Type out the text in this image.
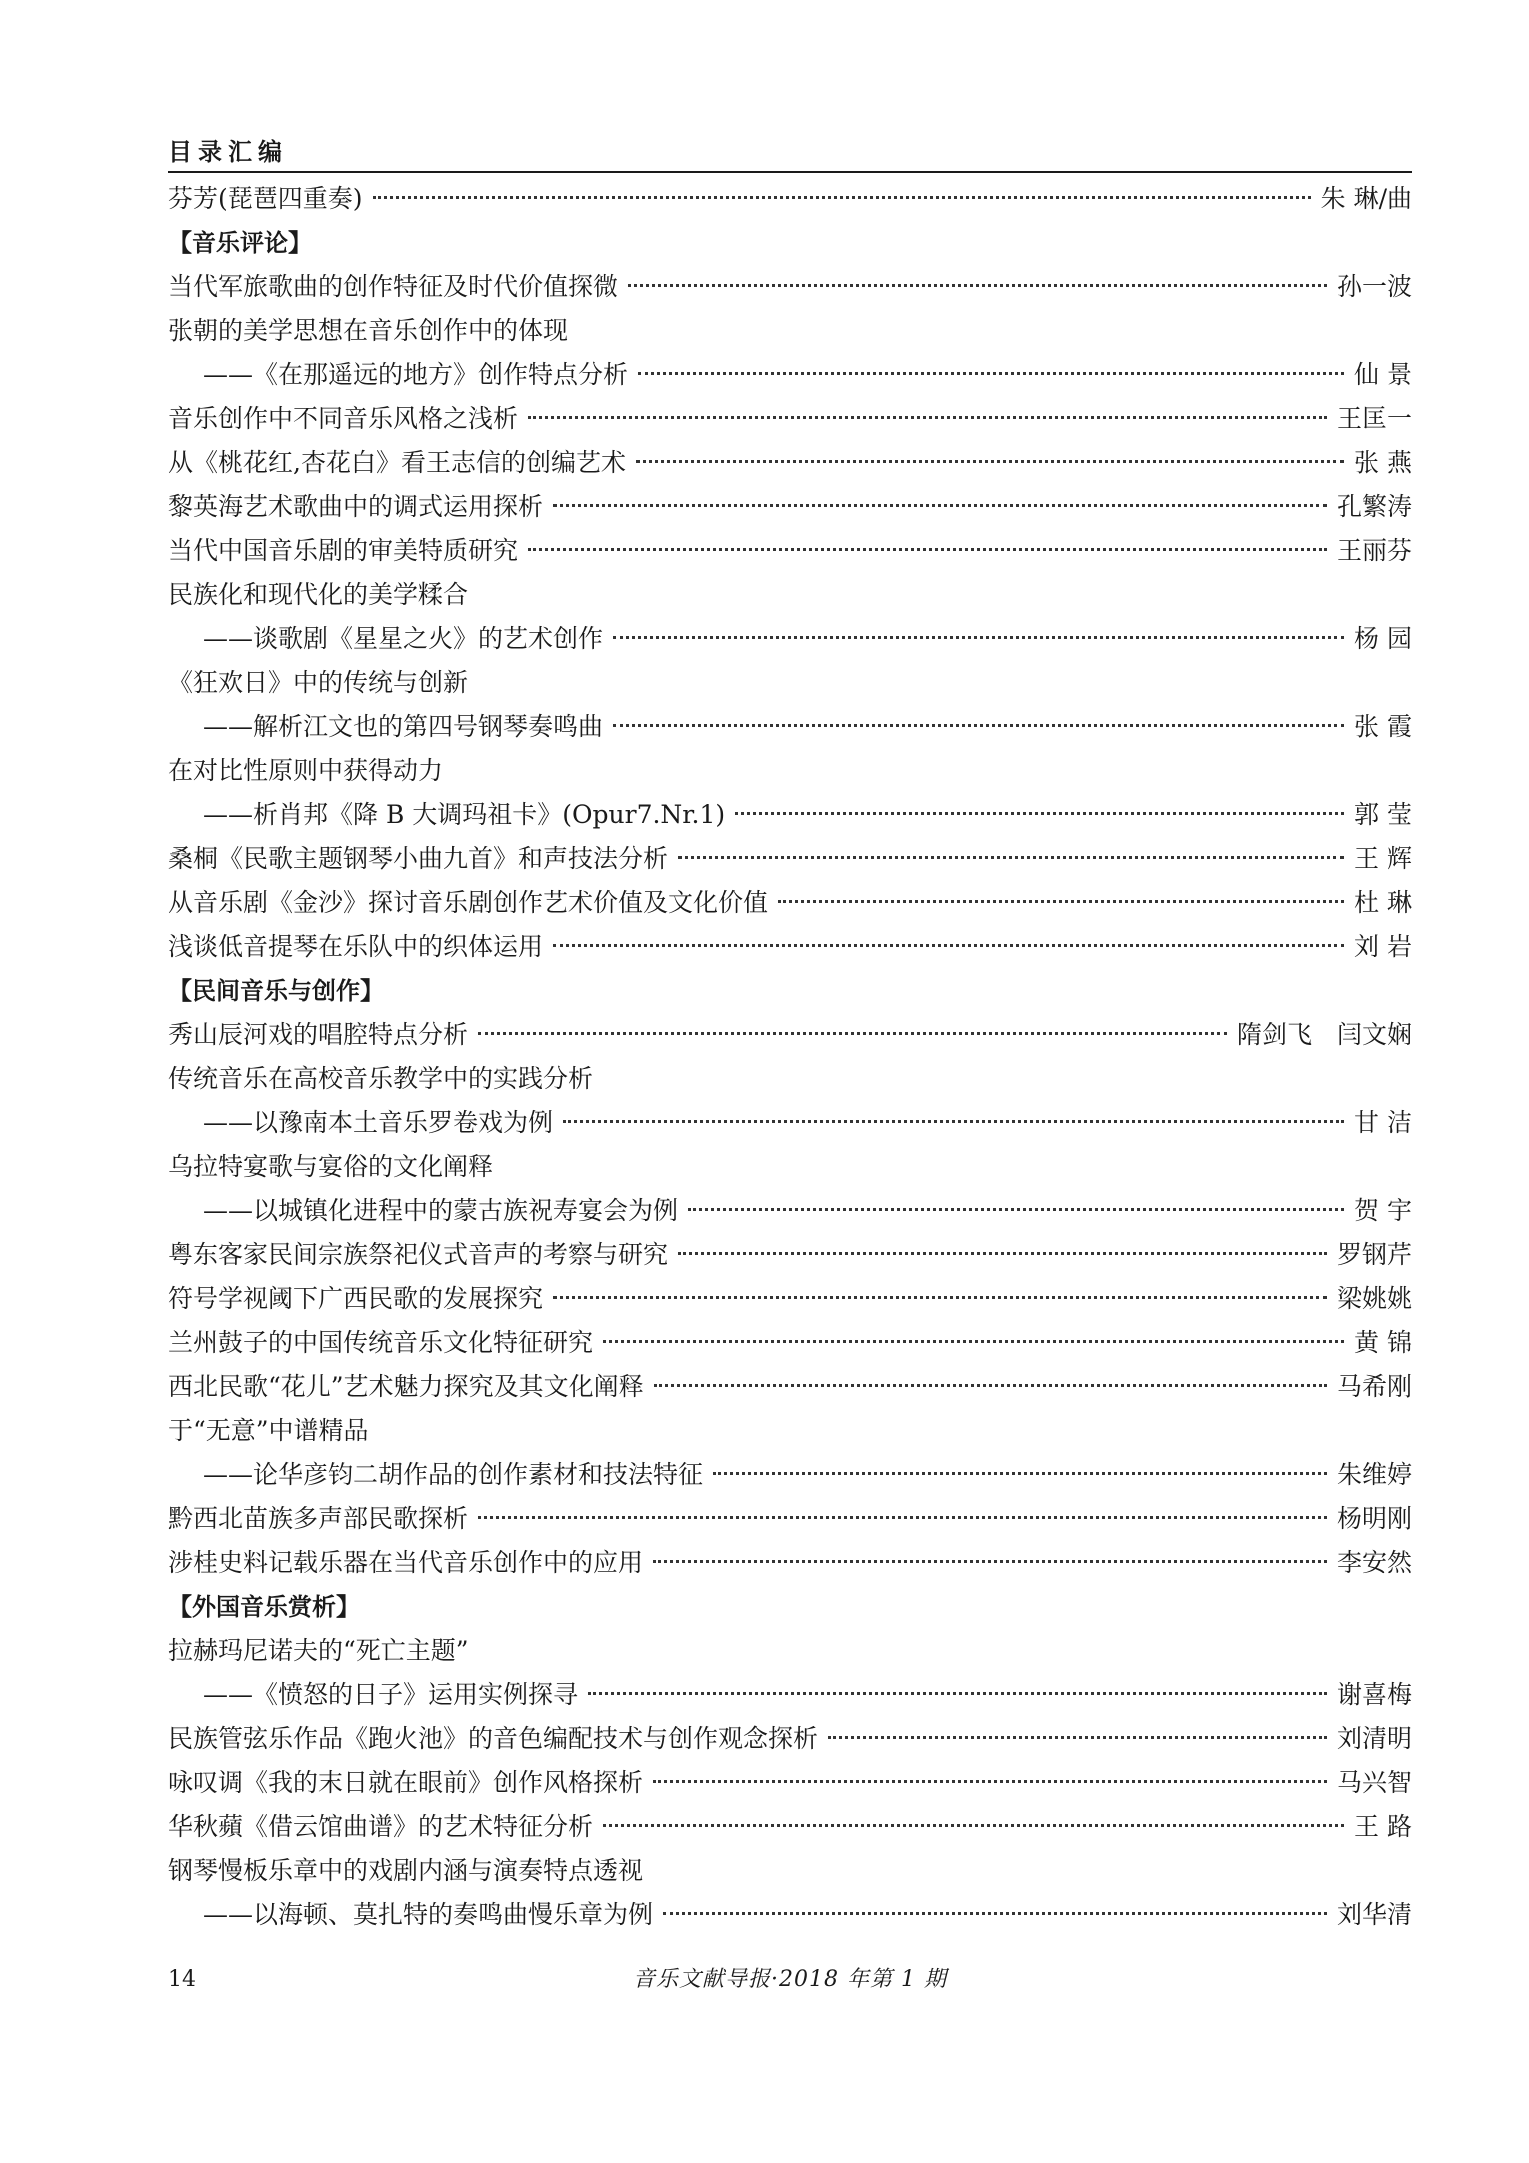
目录汇编
芬芳(琵琶四重奏)	朱 琳/曲
【音乐评论】
当代军旅歌曲的创作特征及时代价值探微	孙一波
张朝的美学思想在音乐创作中的体现
——《在那遥远的地方》创作特点分析	仙 景
音乐创作中不同音乐风格之浅析	王匡一
从《桃花红,杏花白》看王志信的创编艺术	张 燕
黎英海艺术歌曲中的调式运用探析	孔繁涛
当代中国音乐剧的审美特质研究	王丽芬
民族化和现代化的美学糅合
——谈歌剧《星星之火》的艺术创作	杨 园
《狂欢日》中的传统与创新
——解析江文也的第四号钢琴奏鸣曲	张 霞
在对比性原则中获得动力
——析肖邦《降 B 大调玛祖卡》(Opur7.Nr.1)	郭 莹
桑桐《民歌主题钢琴小曲九首》和声技法分析	王 辉
从音乐剧《金沙》探讨音乐剧创作艺术价值及文化价值	杜 琳
浅谈低音提琴在乐队中的织体运用	刘 岩
【民间音乐与创作】
秀山辰河戏的唱腔特点分析	隋剑飞　闫文娴
传统音乐在高校音乐教学中的实践分析
——以豫南本土音乐罗卷戏为例	甘 洁
乌拉特宴歌与宴俗的文化阐释
——以城镇化进程中的蒙古族祝寿宴会为例	贺 宇
粤东客家民间宗族祭祀仪式音声的考察与研究	罗钢芹
符号学视阈下广西民歌的发展探究	梁姚姚
兰州鼓子的中国传统音乐文化特征研究	黄 锦
西北民歌“花儿”艺术魅力探究及其文化阐释	马希刚
于“无意”中谱精品
——论华彦钧二胡作品的创作素材和技法特征	朱维婷
黔西北苗族多声部民歌探析	杨明刚
涉桂史料记载乐器在当代音乐创作中的应用	李安然
【外国音乐赏析】
拉赫玛尼诺夫的“死亡主题”
——《愤怒的日子》运用实例探寻	谢喜梅
民族管弦乐作品《跑火池》的音色编配技术与创作观念探析	刘清明
咏叹调《我的末日就在眼前》创作风格探析	马兴智
华秋蘋《借云馆曲谱》的艺术特征分析	王 路
钢琴慢板乐章中的戏剧内涵与演奏特点透视
——以海顿、莫扎特的奏鸣曲慢乐章为例	刘华清
14	音乐文献导报·2018 年第 1 期
